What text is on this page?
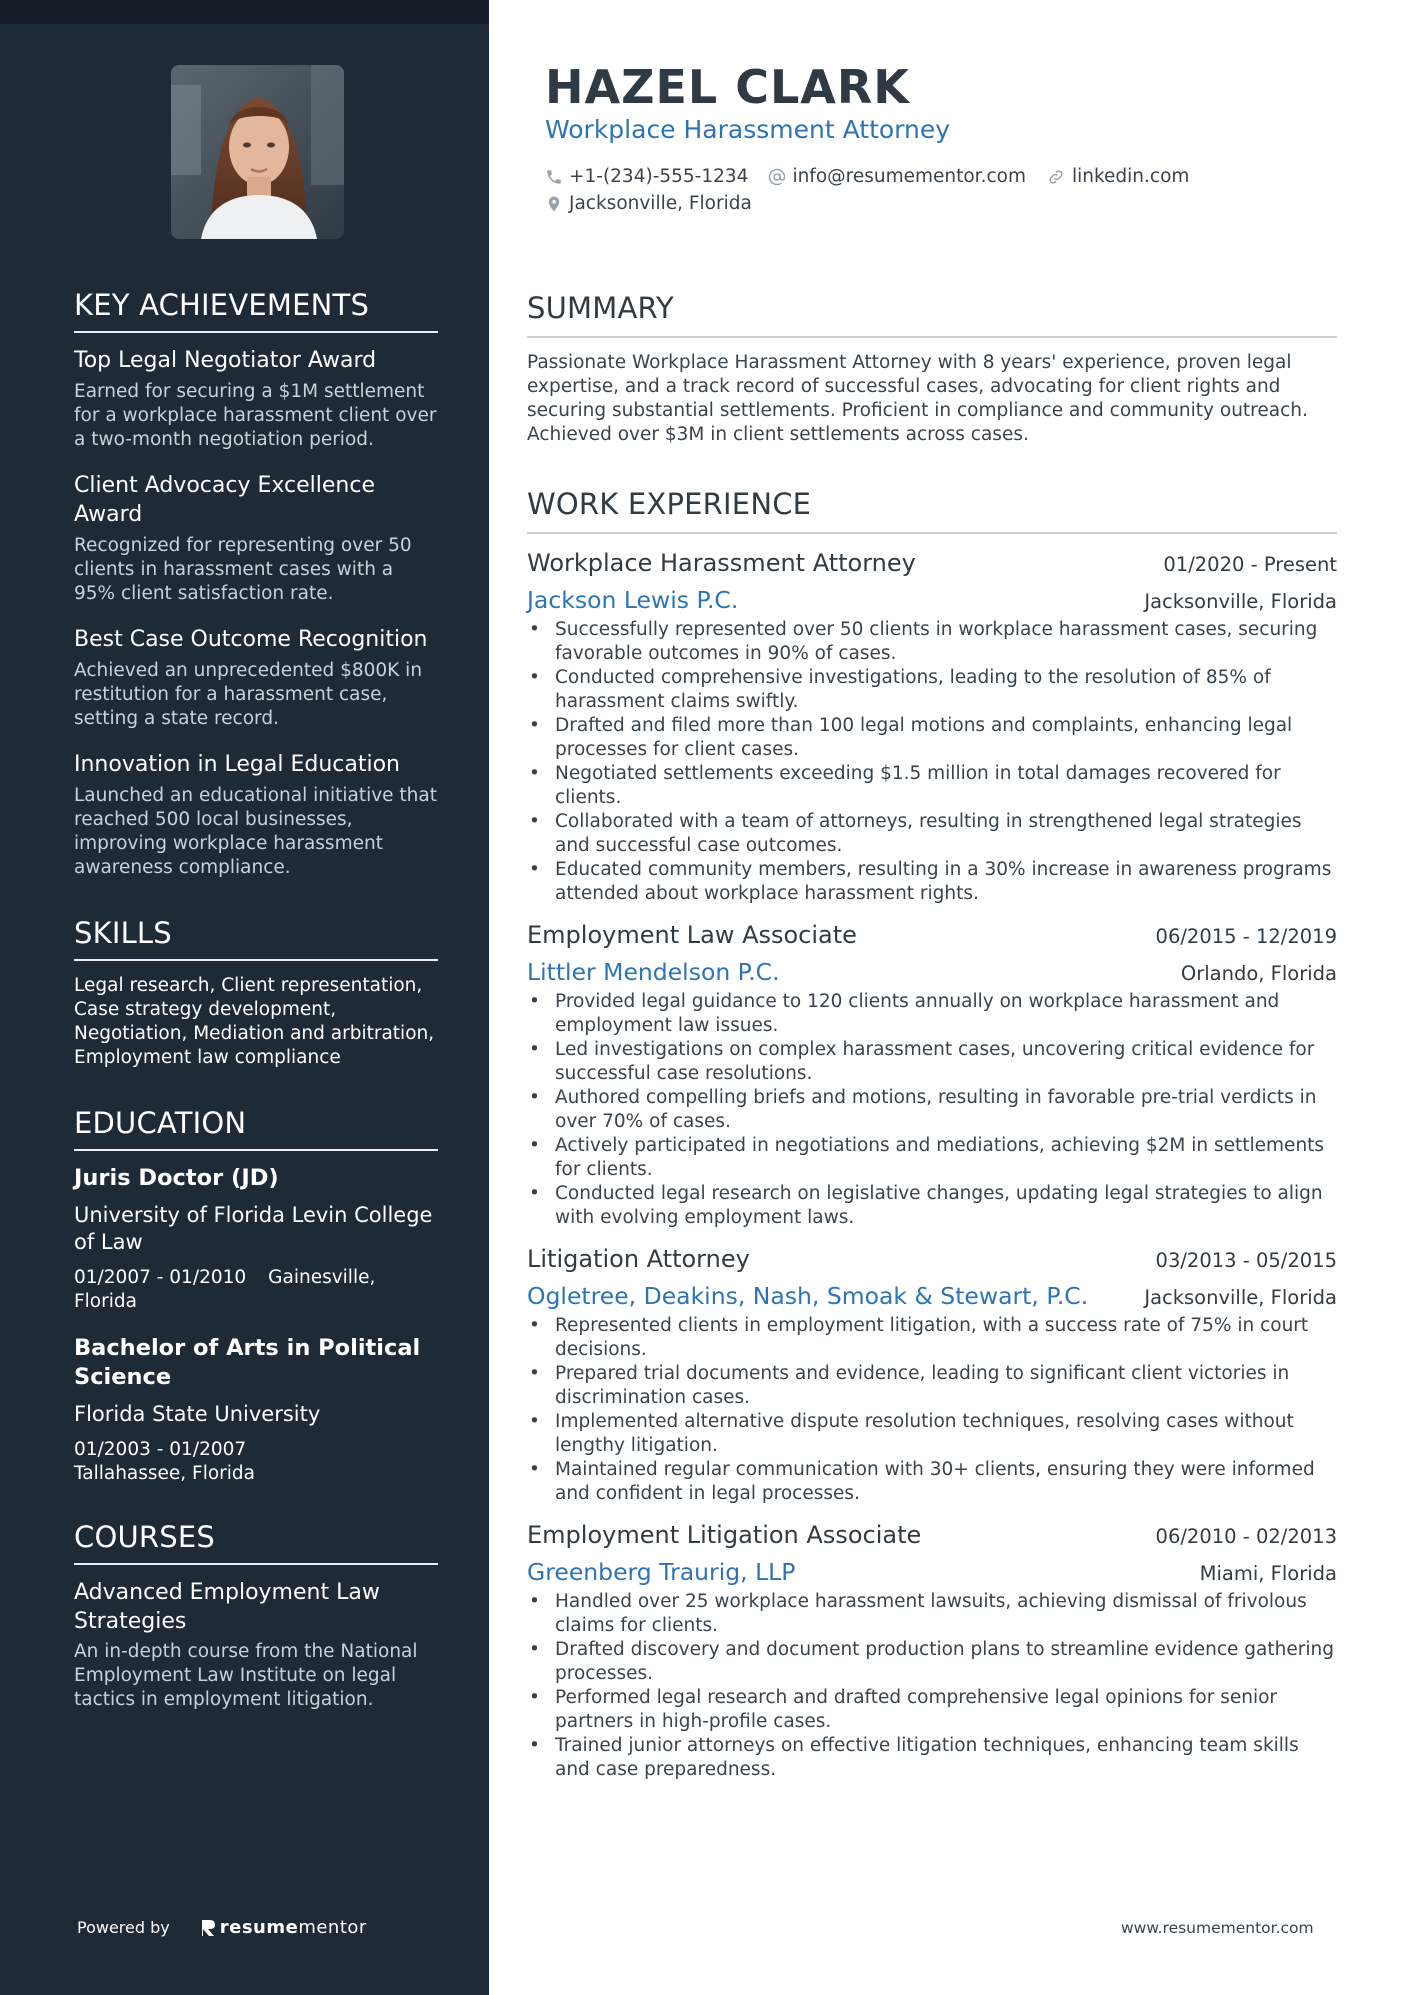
KEY ACHIEVEMENTS
Top Legal Negotiator Award
Earned for securing a $1M settlement for a workplace harassment client over a two-month negotiation period.
Client Advocacy Excellence Award
Recognized for representing over 50 clients in harassment cases with a 95% client satisfaction rate.
Best Case Outcome Recognition
Achieved an unprecedented $800K in restitution for a harassment case, setting a state record.
Innovation in Legal Education
Launched an educational initiative that reached 500 local businesses, improving workplace harassment awareness compliance.
SKILLS
Legal research, Client representation, Case strategy development, Negotiation, Mediation and arbitration, Employment law compliance
EDUCATION
Juris Doctor (JD)
University of Florida Levin College of Law
01/2007 - 01/2010 Gainesville, Florida
Bachelor of Arts in Political Science
Florida State University
01/2003 - 01/2007
Tallahassee, Florida
COURSES
Advanced Employment Law Strategies
An in-depth course from the National Employment Law Institute on legal tactics in employment litigation.
Powered by	resume mentor
HAZEL CLARK
Workplace Harassment Attorney
+1-(234)-555-1234 info@resumementor.com linkedin.com
Jacksonville, Florida
SUMMARY
Passionate Workplace Harassment Attorney with 8 years' experience, proven legal expertise, and a track record of successful cases, advocating for client rights and securing substantial settlements. Proficient in compliance and community outreach. Achieved over $3M in client settlements across cases.
WORK EXPERIENCE
Workplace Harassment Attorney	01/2020 - Present
Jackson Lewis P.C.	Jacksonville, Florida
• Successfully represented over 50 clients in workplace harassment cases, securing favorable outcomes in 90% of cases.
• Conducted comprehensive investigations, leading to the resolution of 85% of harassment claims swiftly.
• Drafted and filed more than 100 legal motions and complaints, enhancing legal processes for client cases.
• Negotiated settlements exceeding $1.5 million in total damages recovered for clients.
• Collaborated with a team of attorneys, resulting in strengthened legal strategies and successful case outcomes.
• Educated community members, resulting in a 30% increase in awareness programs attended about workplace harassment rights.
Employment Law Associate	06/2015 - 12/2019
Littler Mendelson P.C.	Orlando, Florida
• Provided legal guidance to 120 clients annually on workplace harassment and employment law issues.
• Led investigations on complex harassment cases, uncovering critical evidence for successful case resolutions.
• Authored compelling briefs and motions, resulting in favorable pre-trial verdicts in over 70% of cases.
• Actively participated in negotiations and mediations, achieving $2M in settlements for clients.
• Conducted legal research on legislative changes, updating legal strategies to align with evolving employment laws.
Litigation Attorney	03/2013 - 05/2015
Ogletree, Deakins, Nash, Smoak & Stewart, P.C.	Jacksonville, Florida
• Represented clients in employment litigation, with a success rate of 75% in court decisions.
• Prepared trial documents and evidence, leading to significant client victories in discrimination cases.
• Implemented alternative dispute resolution techniques, resolving cases without lengthy litigation.
• Maintained regular communication with 30+ clients, ensuring they were informed and confident in legal processes.
Employment Litigation Associate	06/2010 - 02/2013
Greenberg Traurig, LLP	Miami, Florida
• Handled over 25 workplace harassment lawsuits, achieving dismissal of frivolous claims for clients.
• Drafted discovery and document production plans to streamline evidence gathering processes.
• Performed legal research and drafted comprehensive legal opinions for senior partners in high-profile cases.
• Trained junior attorneys on effective litigation techniques, enhancing team skills and case preparedness.
www.resumementor.com
